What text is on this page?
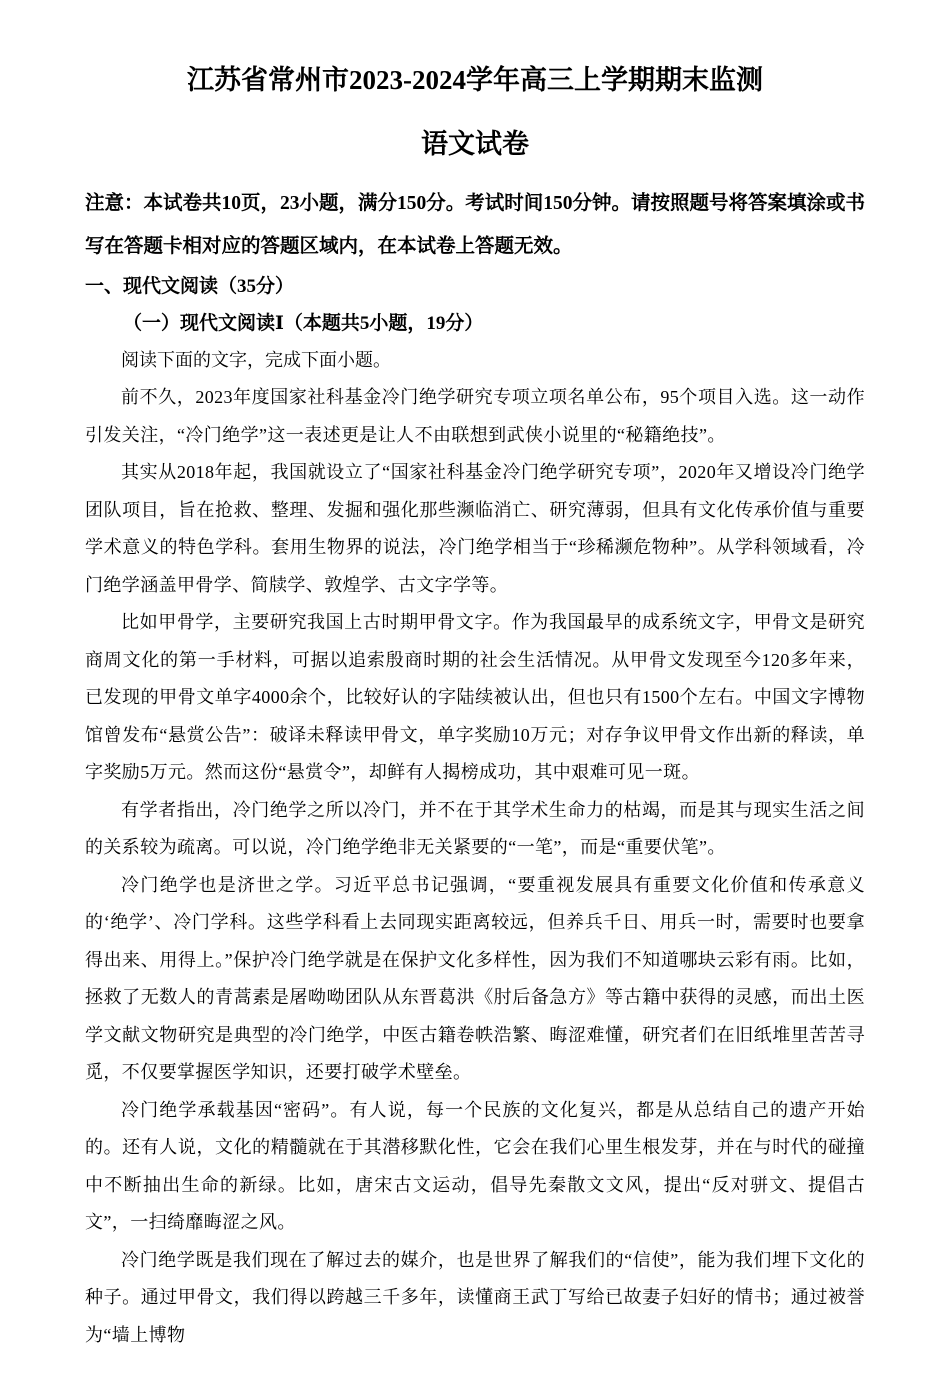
江苏省常州市2023-2024学年高三上学期期末监测
语文试卷

注意：本试卷共10页，23小题，满分150分。考试时间150分钟。请按照题号将答案填涂或书写在答题卡相对应的答题区域内，在本试卷上答题无效。

一、现代文阅读（35分）

（一）现代文阅读Ⅰ（本题共5小题，19分）

阅读下面的文字，完成下面小题。

前不久，2023年度国家社科基金冷门绝学研究专项立项名单公布，95个项目入选。这一动作引发关注，“冷门绝学”这一表述更是让人不由联想到武侠小说里的“秘籍绝技”。

其实从2018年起，我国就设立了“国家社科基金冷门绝学研究专项”，2020年又增设冷门绝学团队项目，旨在抢救、整理、发掘和强化那些濒临消亡、研究薄弱，但具有文化传承价值与重要学术意义的特色学科。套用生物界的说法，冷门绝学相当于“珍稀濒危物种”。从学科领域看，冷门绝学涵盖甲骨学、简牍学、敦煌学、古文字学等。

比如甲骨学，主要研究我国上古时期甲骨文字。作为我国最早的成系统文字，甲骨文是研究商周文化的第一手材料，可据以追索殷商时期的社会生活情况。从甲骨文发现至今120多年来，已发现的甲骨文单字4000余个，比较好认的字陆续被认出，但也只有1500个左右。中国文字博物馆曾发布“悬赏公告”：破译未释读甲骨文，单字奖励10万元；对存争议甲骨文作出新的释读，单字奖励5万元。然而这份“悬赏令”，却鲜有人揭榜成功，其中艰难可见一斑。

有学者指出，冷门绝学之所以冷门，并不在于其学术生命力的枯竭，而是其与现实生活之间的关系较为疏离。可以说，冷门绝学绝非无关紧要的“一笔”，而是“重要伏笔”。

冷门绝学也是济世之学。习近平总书记强调，“要重视发展具有重要文化价值和传承意义的‘绝学’、冷门学科。这些学科看上去同现实距离较远，但养兵千日、用兵一时，需要时也要拿得出来、用得上。”保护冷门绝学就是在保护文化多样性，因为我们不知道哪块云彩有雨。比如，拯救了无数人的青蒿素是屠呦呦团队从东晋葛洪《肘后备急方》等古籍中获得的灵感，而出土医学文献文物研究是典型的冷门绝学，中医古籍卷帙浩繁、晦涩难懂，研究者们在旧纸堆里苦苦寻觅，不仅要掌握医学知识，还要打破学术壁垒。

冷门绝学承载基因“密码”。有人说，每一个民族的文化复兴，都是从总结自己的遗产开始的。还有人说，文化的精髓就在于其潜移默化性，它会在我们心里生根发芽，并在与时代的碰撞中不断抽出生命的新绿。比如，唐宋古文运动，倡导先秦散文文风，提出“反对骈文、提倡古文”，一扫绮靡晦涩之风。

冷门绝学既是我们现在了解过去的媒介，也是世界了解我们的“信使”，能为我们埋下文化的种子。通过甲骨文，我们得以跨越三千多年，读懂商王武丁写给已故妻子妇好的情书；通过被誉为“墙上博物
